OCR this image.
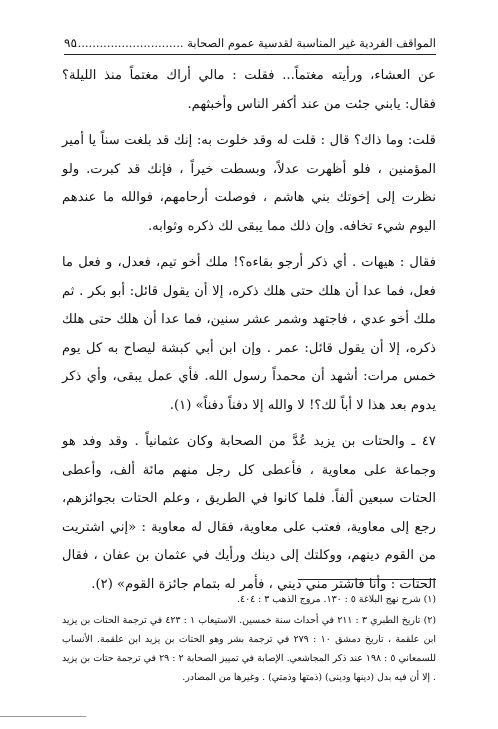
المواقف الفردية غير المناسبة لقدسية عموم الصحابة ..............................
٩٥

عن العشاء، ورأيته مغتماً... فقلت : مالي أراك مغتماً منذ الليلة؟ فقال: يابني جئت من عند أكفر الناس وأخبثهم.

قلت: وما ذاك؟ قال : قلت له وقد خلوت به: إنك قد بلغت سناً يا أمير المؤمنين ، فلو أظهرت عدلاً، وبسطت خيراً ، فإنك قد كبرت. ولو نظرت إلى إخوتك بني هاشم ، فوصلت أرحامهم، فوالله ما عندهم اليوم شيء تخافه. وإن ذلك مما يبقى لك ذكره وثوابه.

فقال : هيهات . أي ذكر أرجو بقاءه؟! ملك أخو تيم، فعدل، و فعل ما فعل، فما عدا أن هلك حتى هلك ذكره، إلا أن يقول قائل: أبو بكر . ثم ملك أخو عدي ، فاجتهد وشمر عشر سنين، فما عدا أن هلك حتى هلك ذكره، إلا أن يقول قائل: عمر . وإن ابن أبي كبشة ليصاح به كل يوم خمس مرات: أشهد أن محمداً رسول الله. فأي عمل يبقى، وأي ذكر يدوم بعد هذا لا أباً لك؟! لا والله إلا دفناً دفناً» (١).

٤٧ ـ والحتات بن يزيد عُدَّ من الصحابة وكان عثمانياً . وقد وفد هو وجماعة على معاوية ، فأعطى كل رجل منهم مائة ألف، وأعطى الحتات سبعين ألفاً. فلما كانوا في الطريق ، وعلم الحتات بجوائزهم، رجع إلى معاوية، فعتب على معاوية، فقال له معاوية : «إني اشتريت من القوم دينهم، ووكلتك إلى دينك ورأيك في عثمان بن عفان ، فقال الحتات : وأنا فاشتر مني ديني ، فأمر له بتمام جائزة القوم» (٢).

(١) شرح نهج البلاغة ٥ : ١٣٠. مروج الذهب ٣ : ٤٠٤.

(٢) تاريخ الطبري ٣ : ٢١١ في أحداث سنة خمسين. الاستيعاب ١ : ٤٢٣ في ترجمة الحتات بن يزيد ابن علقمة ، تاريخ دمشق ١٠ : ٢٧٩ في ترجمة بشر وهو الحتات بن يزيد ابن علقمة. الأنساب للسمعاني ٥ : ١٩٨ عند ذكر المجاشعي. الإصابة في تمييز الصحابة ٢ : ٢٩ في ترجمة حتات بن يزيد . إلا أن فيه بدل (دينها ودينى) (ذمتها وذمتي) . وغيرها من المصادر.
